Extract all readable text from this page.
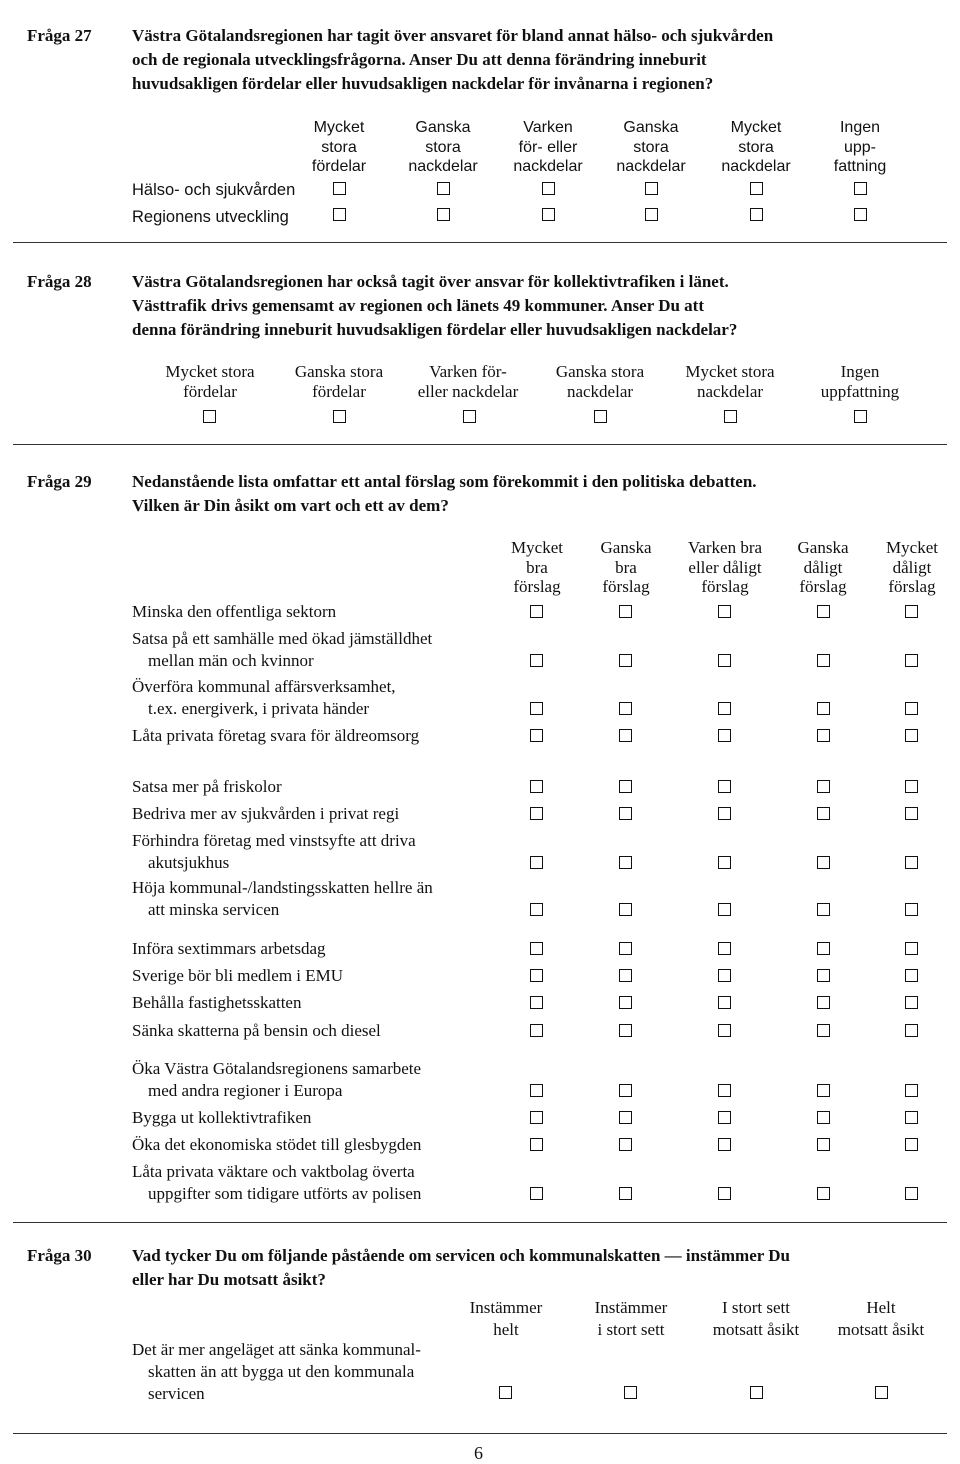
Fråga 27 Västra Götalandsregionen har tagit över ansvaret för bland annat hälso- och sjukvården
och de regionala utvecklingsfrågorna. Anser Du att denna förändring inneburit
huvudsakligen fördelar eller huvudsakligen nackdelar för invånarna i regionen?
Mycket
stora
fördelar
Ganska
stora
nackdelar
Varken
för- eller
nackdelar
Ganska
stora
nackdelar
Mycket
stora
nackdelar
Ingen
upp-
fattning
Hälso- och sjukvården
Regionens utveckling
Fråga 28 Västra Götalandsregionen har också tagit över ansvar för kollektivtrafiken i länet.
Västtrafik drivs gemensamt av regionen och länets 49 kommuner. Anser Du att
denna förändring inneburit huvudsakligen fördelar eller huvudsakligen nackdelar?
Mycket stora
fördelar
Ganska stora
fördelar
Varken för-
eller nackdelar
Ganska stora
nackdelar
Mycket stora
nackdelar
Ingen
uppfattning
Fråga 29 Nedanstående lista omfattar ett antal förslag som förekommit i den politiska debatten.
Vilken är Din åsikt om vart och ett av dem?
Mycket
bra
förslag
Ganska
bra
förslag
Varken bra
eller dåligt
förslag
Ganska
dåligt
förslag
Mycket
dåligt
förslag
Minska den offentliga sektorn
Satsa på ett samhälle med ökad jämställdhet
mellan män och kvinnor
Överföra kommunal affärsverksamhet,
t.ex. energiverk, i privata händer
Låta privata företag svara för äldreomsorg
Satsa mer på friskolor
Bedriva mer av sjukvården i privat regi
Förhindra företag med vinstsyfte att driva
akutsjukhus
Höja kommunal-/landstingsskatten hellre än
att minska servicen
Införa sextimmars arbetsdag
Sverige bör bli medlem i EMU
Behålla fastighetsskatten
Sänka skatterna på bensin och diesel
Öka Västra Götalandsregionens samarbete
med andra regioner i Europa
Bygga ut kollektivtrafiken
Öka det ekonomiska stödet till glesbygden
Låta privata väktare och vaktbolag överta
uppgifter som tidigare utförts av polisen
Fråga 30 Vad tycker Du om följande påstående om servicen och kommunalskatten — instämmer Du
eller har Du motsatt åsikt?
Instämmer
helt
Instämmer
i stort sett
I stort sett
motsatt åsikt
Helt
motsatt åsikt
Det är mer angeläget att sänka kommunal-
skatten än att bygga ut den kommunala
servicen
6
